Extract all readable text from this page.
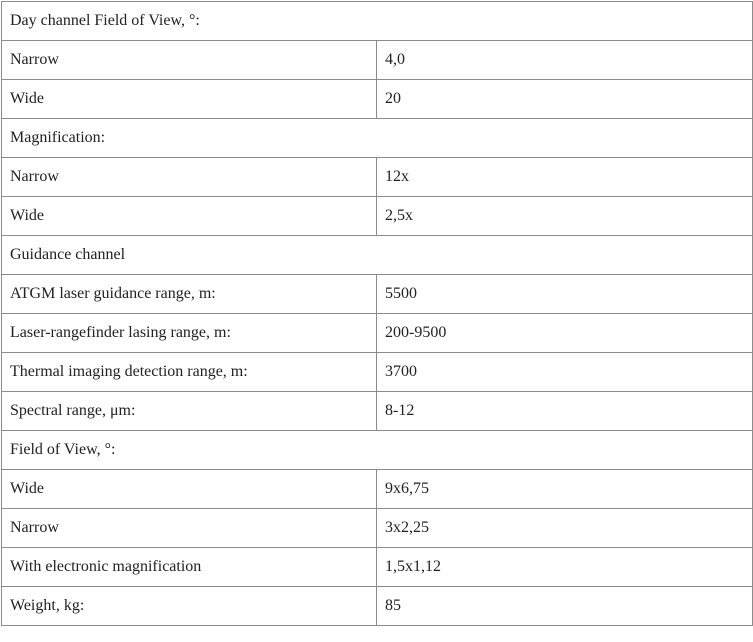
Day channel Field of View, °:	
Narrow	4,0
Wide	20
Magnification:	
Narrow	12x
Wide	2,5x
Guidance channel	
ATGM laser guidance range, m:	5500
Laser-rangefinder lasing range, m:	200-9500
Thermal imaging detection range, m:	3700
Spectral range, μm:	8-12
Field of View, °:	
Wide	9x6,75
Narrow	3x2,25
With electronic magnification	1,5x1,12
Weight, kg:	85
